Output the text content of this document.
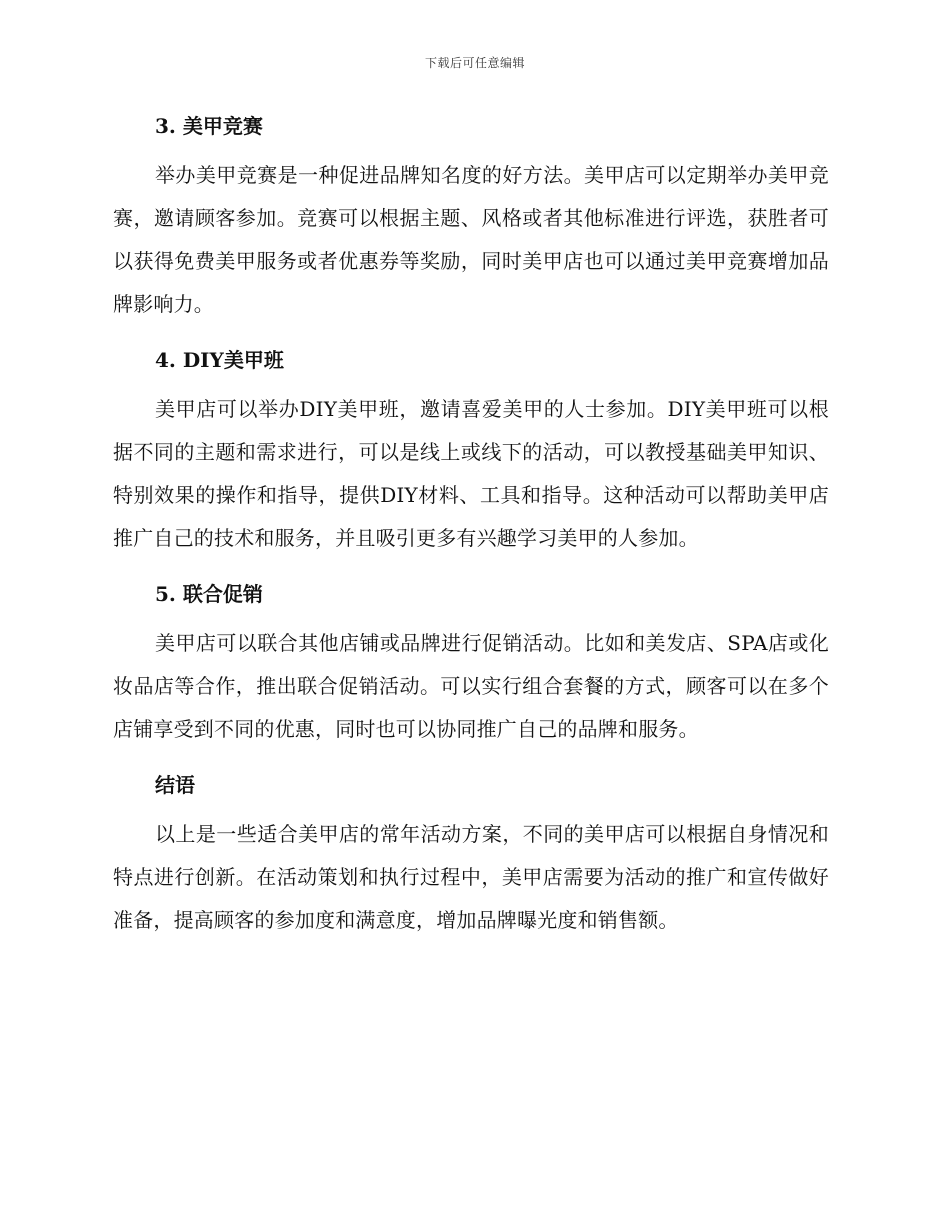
下载后可任意编辑
3. 美甲竞赛

举办美甲竞赛是一种促进品牌知名度的好方法。美甲店可以定期举办美甲竞赛，邀请顾客参加。竞赛可以根据主题、风格或者其他标准进行评选，获胜者可以获得免费美甲服务或者优惠券等奖励，同时美甲店也可以通过美甲竞赛增加品牌影响力。

4. DIY美甲班

美甲店可以举办DIY美甲班，邀请喜爱美甲的人士参加。DIY美甲班可以根据不同的主题和需求进行，可以是线上或线下的活动，可以教授基础美甲知识、特别效果的操作和指导，提供DIY材料、工具和指导。这种活动可以帮助美甲店推广自己的技术和服务，并且吸引更多有兴趣学习美甲的人参加。

5. 联合促销

美甲店可以联合其他店铺或品牌进行促销活动。比如和美发店、SPA店或化妆品店等合作，推出联合促销活动。可以实行组合套餐的方式，顾客可以在多个店铺享受到不同的优惠，同时也可以协同推广自己的品牌和服务。

结语

以上是一些适合美甲店的常年活动方案，不同的美甲店可以根据自身情况和特点进行创新。在活动策划和执行过程中，美甲店需要为活动的推广和宣传做好准备，提高顾客的参加度和满意度，增加品牌曝光度和销售额。
